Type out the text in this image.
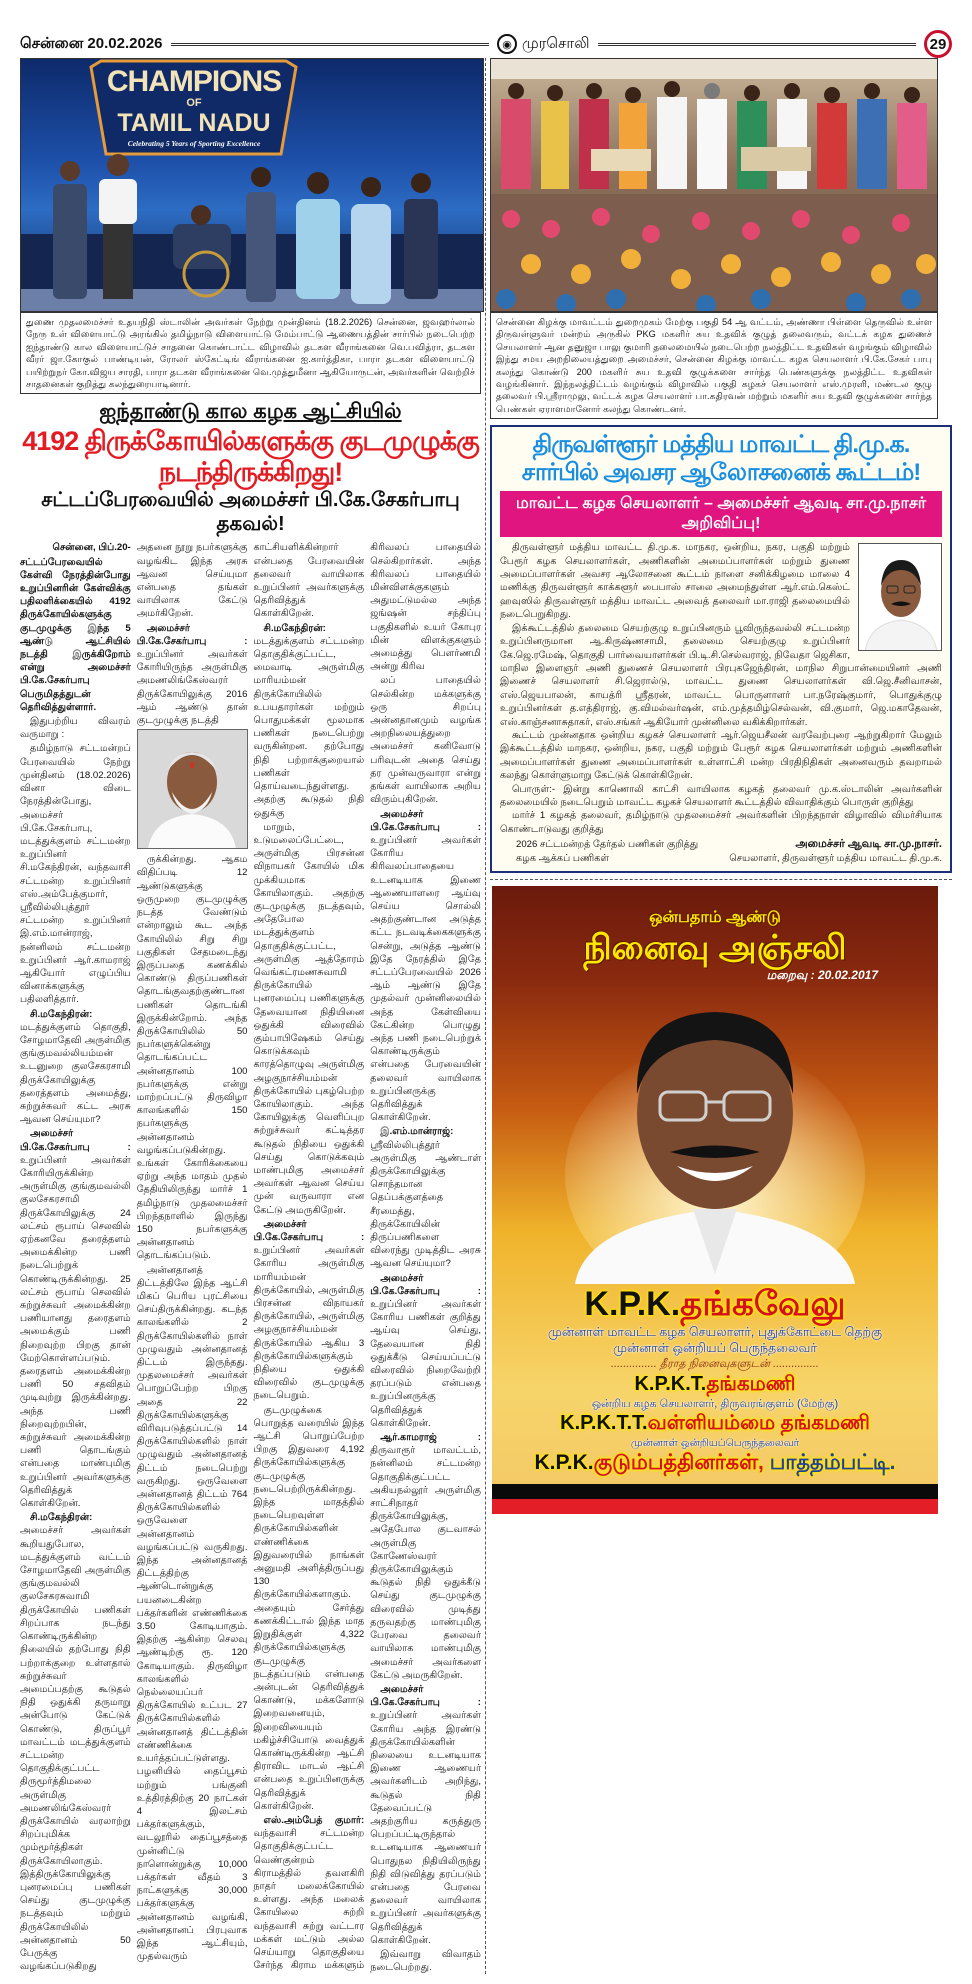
சென்னை 20.02.2026	◉ முரசொலி	29
CHAMPIONS
OF
TAMIL NADU
Celebrating 5 Years of Sporting Excellence
துணை முதலமைச்சர் உதயநிதி ஸ்டாலின் அவர்கள் நேற்று முன்தினம் (18.2.2026) சென்னை, ஜவஹர்லால் நேரு உள் விளையாட்டு அரங்கில் தமிழ்நாடு விளையாட்டு மேம்பாட்டு ஆணையத்தின் சார்பில் நடைபெற்ற ஐந்தாண்டு கால விளையாட்டுச் சாதனை கொண்டாட்ட விழாவில் தடகள வீராங்கனை வெ.பவித்ரா, தடகள வீரர் ஜா.கோகுல் பாண்டியன், ரோலர் ஸ்கேட்டிங் வீராங்கனை ஐ.கார்த்திகா, பாரா தடகள விளையாட்டு பயிற்றுநர் கோ.விஜய சாரதி, பாரா தடகள வீராங்கனை வெ.முத்துமீனா ஆகியோருடன், அவர்களின் வெற்றிச் சாதனைகள் குறித்து கலந்துரையாடினார்.
ஐந்தாண்டு கால கழக ஆட்சியில்
4192 திருக்கோயில்களுக்கு குடமுழுக்கு நடந்திருக்கிறது!
சட்டப்பேரவையில் அமைச்சர் பி.கே.சேகர்பாபு தகவல்!

சென்னை, பிப்.20-

சட்டப்பேரவையில் கேள்வி நேரத்தின்போது உறுப்பினரின் கேள்விக்கு பதிலளிக்கையில் 4192 திருக்கோயில்களுக்கு குடமுழுக்கு இந்த 5 ஆண்டு ஆட்சியில் நடத்தி இருக்கிறோம் என்று அமைச்சர் பி.கே.சேகர்பாபு பெருமிதத்துடன் தெரிவித்துள்ளார்.

இதுபற்றிய விவரம் வருமாறு :

தமிழ்நாடு சட்டமன்றப் பேரவையில் நேற்று முன்தினம் (18.02.2026) வினா விடை நேரத்தின்போது, அமைச்சர் பி.கே.சேகர்பாபு, மடத்துக்குளம் சட்டமன்ற உறுப்பினர் சி.மகேந்திரன், வந்தவாசி சட்டமன்ற உறுப்பினர் எஸ்.அம்பேத்குமார், ஸ்ரீவில்லிபுத்தூர் சட்டமன்ற உறுப்பினர் இ.எம்.மான்ராஜ், நன்னிலம் சட்டமன்ற உறுப்பினர் ஆர்.காமராஜ் ஆகியோர் எழுப்பிய வினாக்களுக்கு பதிலளித்தார்.

சி.மகேந்திரன்: மடத்துக்குளம் தொகுதி, சோழமாதேவி அருள்மிகு குங்குமவல்லியம்மன் உடனுறை குலசேகரசாமி திருக்கோயிலுக்கு தரைத்தளம் அமைத்து, சுற்றுச்சுவர் கட்ட அரசு ஆவன செய்யுமா?

அமைச்சர் பி.கே.சேகர்பாபு : உறுப்பினர் அவர்கள் கோரியிருக்கின்ற அருள்மிகு குங்குமவல்லி குலசேகரசாமி திருக்கோயிலுக்கு 24 லட்சம் ரூபாய் செலவில் ஏற்கனவே தரைத்தளம் அமைக்கின்ற பணி நடைபெற்றுக் கொண்டிருக்கின்றது. 25 லட்சம் ரூபாய் செலவில் சுற்றுச்சுவர் அமைக்கின்ற பணியானது தரைதளம் அமைக்கும் பணி நிறைவுற்ற பிறகு தான் மேற்கொள்ளப்படும். தரைதளம் அமைக்கின்ற பணி 50 சதவிதம் முடிவுற்று இருக்கின்றது. அந்த பணி நிறைவுற்றபின், சுற்றுச்சுவர் அமைக்கின்ற பணி தொடங்கும் என்பதை மாண்புமிகு உறுப்பினர் அவர்களுக்கு தெரிவித்துக் கொள்கிறேன்.

சி.மகேந்திரன்: அமைச்சர் அவர்கள் கூறியதுபோல, மடத்துக்குளம் வட்டம் சோழமாதேவி அருள்மிகு குங்குமவல்லி குலசேகரசுவாமி திருக்கோயில் பணிகள் சிறப்பாக நடந்து கொண்டிருக்கின்ற நிலையில் தற்போது நிதி பற்றாக்குறை உள்ளதால் சுற்றுச்சுவர் அமைப்பதற்கு கூடுதல் நிதி ஒதுக்கி தருமாறு அன்போடு கேட்டுக் கொண்டு, திருப்பூர் மாவட்டம் மடத்துக்குளம் சட்டமன்ற தொகுதிக்குட்பட்ட திருமூர்த்திமலை அருள்மிகு அமணலிங்கேஸ்வரர் திருக்கோயில் வரலாற்று சிறப்புமிக்க மும்மூர்த்திகள் திருக்கோயிலாகும். இத்திருக்கோயிலுக்கு புனரமைப்பு பணிகள் செய்து குடமுழுக்கு நடத்தவும் மற்றும் திருக்கோயிலில் அன்னதானம் 50 பேருக்கு வழங்கப்படுகிறது அதனை நூறு நபர்களுக்கு வழங்கிட இந்த அரசு ஆவன செய்யுமா என்பதை தங்கள் வாயிலாக கேட்டு அமர்கிறேன்.

அமைச்சர் பி.கே.சேகர்பாபு : உறுப்பினர் அவர்கள் கோரியிருந்த அருள்மிகு அமணலிங்கேஸ்வரர் திருக்கோயிலுக்கு 2016 ஆம் ஆண்டு தான் குடமுழுக்கு நடத்தி

ருக்கின்றது. ஆகம விதிப்படி 12 ஆண்டுகளுக்கு ஒருமுறை குடமுழுக்கு நடத்த வேண்டும் என்றாலும் கூட அந்த கோயிலில் சிறு சிறு பகுதிகள் சேதமடைந்து இருப்பதை கணக்கில் கொண்டு திருப்பணிகள் தொடங்குவதற்குண்டான பணிகள் தொடங்கி இருக்கின்றோம். அந்த திருக்கோயிலில் 50 நபர்களுக்கென்று தொடங்கப்பட்ட அன்னதானம் 100 நபர்களுக்கு என்று மாற்றப்பட்டு திருவிழா காலங்களில் 150 நபர்களுக்கு அன்னதானம் வழங்கப்படுகின்றது. உங்கள் கோரிக்கையை ஏற்று அந்த மாதம் முதல் தேதியிலிருந்து மார்ச் 1 தமிழ்நாடு முதலமைச்சர் பிறந்தநாளில் இருந்து 150 நபர்களுக்கு அன்னதானம் தொடங்கப்படும்.

அன்னதானத் திட்டத்திலே இந்த ஆட்சி மிகப் பெரிய புரட்சியை செய்திருக்கின்றது. கடந்த காலங்களில் 2 திருக்கோயில்களில் நாள் முழுவதும் அன்னதானத் திட்டம் இருந்தது. முதலமைச்சர் அவர்கள் பொறுப்பேற்ற பிறகு அதை 22 திருக்கோயில்களுக்கு விரிவுபடுத்தப்பட்டு 14 திருக்கோயில்களில் நாள் முழுவதும் அன்னதானத் திட்டம் நடைபெற்று வருகிறது. ஒருவேளை அன்னதானத் திட்டம் 764 திருக்கோயில்களில் ஒருவேளை அன்னதானம் வழங்கப்பட்டு வருகிறது. இந்த அன்னதானத் திட்டத்திற்கு ஆண்டொன்றுக்கு பயனடைகின்ற பக்தர்களின் எண்ணிக்கை 3.50 கோடியாகும். இதற்கு ஆகின்ற செலவு ஆண்டிற்கு ரூ. 120 கோடியாகும். திருவிழா காலங்களில் நெல்லையப்பர் திருக்கோயில் உட்பட 27 திருக்கோயில்களில் அன்னதானத் திட்டத்தின் எண்ணிக்கை உயர்த்தப்பட்டுள்ளது. பழனியில் தைப்பூசம் மற்றும் பங்குனி உத்திரத்திற்கு 20 நாட்கள் 4 இலட்சம் பக்தர்களுக்கும், வடலூரில் தைப்பூசத்தை முன்னிட்டு நாளொன்றுக்கு 10,000 பக்தர்கள் வீதம் 3 நாட்களுக்கு 30,000 பக்தர்களுக்கு அன்னதானம் வழங்கி, அன்னதானப் பிரபுவாக இந்த ஆட்சியும், முதல்வரும் காட்சியளிக்கின்றார் என்பதை பேரவையின் தலைவர் வாயிலாக உறுப்பினர் அவர்களுக்கு தெரிவித்துக் கொள்கிறேன்.

சி.மகேந்திரன்: மடத்துக்குளம் சட்டமன்ற தொகுதிக்குட்பட்ட, மைவாடி அருள்மிகு மாரியம்மன் திருக்கோயிலில் உபயதாரர்கள் மற்றும் பொதுமக்கள் மூலமாக பணிகள் நடைபெற்று வருகின்றன. தற்போது நிதி பற்றாக்குறையால் பணிகள் தொய்வடைந்துள்ளது. அதற்கு கூடுதல் நிதி ஒதுக்கு

மாறும், உடுமலைப்பேட்டை, அருள்மிகு பிரசன்ன விநாயகர் கோயில் மிக முக்கியமாக கோயிலாகும். அதற்கு குடமுழுக்கு நடத்தவும், அதேபோல மடத்துக்குளம் தொகுதிக்குட்பட்ட, அருள்மிகு ஆத்தோரம் வெங்கட்ரமணசுவாமி திருக்கோயில் புனரமைப்பு பணிகளுக்கு தேவையான நிதியினை ஒதுக்கி விரைவில் கும்பாபிஷேகம் செய்து கொடுக்கவும் காரத்தொழுவு அருள்மிகு அழகுநாச்சியம்மன் திருக்கோயில் புகழ்பெற்ற கோயிலாகும். அந்த கோயிலுக்கு வெளிப்புற சுற்றுச்சுவர் கட்டித்தர கூடுதல் நிதியை ஒதுக்கி செய்து கொடுக்கவும் மாண்புமிகு அமைச்சர் அவர்கள் ஆவன செய்ய முன் வருவாரா என கேட்டு அமருகிறேன்.

அமைச்சர் பி.கே.சேகர்பாபு : உறுப்பினர் அவர்கள் கோரிய அருள்மிகு மாரியம்மன் திருக்கோயில், அருள்மிகு பிரசன்ன விநாயகர் திருக்கோயில், அருள்மிகு அழகுநாச்சியம்மன் திருக்கோயில் ஆகிய 3 திருக்கோயில்களுக்கும் நிதியை ஒதுக்கி விரைவில் குடமுழுக்கு நடைபெறும்.

குடமுழுக்கை பொறுத்த வரையில் இந்த ஆட்சி பொறுப்பேற்ற பிறகு இதுவரை 4,192 திருக்கோயில்களுக்கு குடமுழுக்கு நடைபெற்றிருக்கின்றது. இந்த மாதத்தில் நடைபெறவுள்ள திருக்கோயில்களின் எண்ணிக்கை இதுவரையில் நாங்கள் அனுமதி அளித்திருப்பது 130 திருக்கோயில்களாகும். அதையும் சேர்த்து கணக்கிட்டால் இந்த மாத இறுதிக்குள் 4,322 திருக்கோயில்களுக்கு குடமுழுக்கு நடத்தப்படும் என்பதை அன்புடன் தெரிவித்துக் கொண்டு, மக்களோடு இறைவனையும், இறைவியையும் மகிழ்ச்சியோடு வைத்துக் கொண்டிருக்கின்ற ஆட்சி திராவிட மாடல் ஆட்சி என்பதை உறுப்பினருக்கு தெரிவித்துக் கொள்கிறேன்.

எஸ்.அம்பேத் குமார்: வந்தவாசி சட்டமன்ற தொகுதிக்குட்பட்ட வெண்குன்றம் கிராமத்தில் தவளகிரி நாதர் மலைக்கோயில் உள்ளது. அந்த மலைக் கோயிலை சுற்றி வந்தவாசி சுற்று வட்டார மக்கள் மட்டும் அல்ல செய்யாறு தொகுதியை சேர்ந்த கிராம மக்களும் கிரிவலப் பாதையில் செல்கிறார்கள். அந்த கிரிவலப் பாதையில் மின்விளக்குகளும் அதுமட்டுமல்ல அந்த ஜங்ஷன் சந்திப்பு பகுதிகளில் உயர் கோபுர மின் விளக்குகளும் அமைத்து பௌர்ணமி அன்று கிரிவ

லப் பாதையில் செல்கின்ற மக்களுக்கு ஒரு சிறப்பு அன்னதானமும் வழங்க அறநிலையத்துறை அமைச்சர் கனிவோடு பரிவுடன் அதை செய்து தர முன்வருவாரா என்று தங்கள் வாயிலாக அறிய விரும்புகிறேன்.

அமைச்சர் பி.கே.சேகர்பாபு : உறுப்பினர் அவர்கள் கோரிய கிரிவலப்பாதையை உடனடியாக இணை ஆணையாளரை ஆய்வு செய்ய சொல்லி அதற்குண்டான அடுத்த கட்ட நடவடிக்கைகளுக்கு சென்று, அடுத்த ஆண்டு இதே நேரத்தில் இதே சட்டப்பேரவையில் 2026 ஆம் ஆண்டு இதே முதல்வர் முன்னிலையில் அந்த கேள்வியை கேட்கின்ற பொழுது அந்த பணி நடைபெற்றுக் கொண்டிருக்கும் என்பதை பேரவையின் தலைவர் வாயிலாக உறுப்பினருக்கு தெரிவித்துக் கொள்கிறேன்.

இ.எம்.மான்ராஜ்: ஸ்ரீவில்லிபுத்தூர் அருள்மிகு ஆண்டாள் திருக்கோயிலுக்கு சொந்தமான தெப்பக்குளத்தை சீரமைத்து, திருக்கோயிலின் திருப்பணிகளை விரைந்து முடித்திட அரசு ஆவன செய்யுமா?

அமைச்சர் பி.கே.சேகர்பாபு : உறுப்பினர் அவர்கள் கோரிய பணிகள் குறித்து ஆய்வு செய்து, தேவையான நிதி ஒதுக்கீடு செய்யப்பட்டு விரைவில் நிறைவேற்றி தரப்படும் என்பதை உறுப்பினருக்கு தெரிவித்துக் கொள்கிறேன்.

ஆர்.காமராஜ் : திருவாரூர் மாவட்டம், நன்னிலம் சட்டமன்ற தொகுதிக்குட்பட்ட அகியநல்லூர் அருள்மிகு சாட்சிநாதர் திருக்கோயிலுக்கு, அதேபோல குடவாசல் அருள்மிகு கோணேஸ்வரர் திருக்கோயிலுக்கும் கூடுதல் நிதி ஒதுக்கீடு செய்து குடமுழுக்கு விரைவில் முடித்து தருவதற்கு மாண்புமிகு பேரவை தலைவர் வாயிலாக மாண்புமிகு அமைச்சர் அவர்களை கேட்டு அமருகிறேன்.

அமைச்சர் பி.கே.சேகர்பாபு : உறுப்பினர் அவர்கள் கோரிய அந்த இரண்டு திருக்கோயில்களின் நிலையை உடனடியாக இணை ஆணையர் அவர்களிடம் அறிந்து, கூடுதல் நிதி தேவைப்பட்டு அதற்குரிய கருத்துரு பெறப்பட்டிருந்தால் உடனடியாக ஆணையர் பொதுநல நிதியிலிருந்து நிதி விடுவித்து தரப்படும் என்பதை பேரவை தலைவர் வாயிலாக உறுப்பினர் அவர்களுக்கு தெரிவித்துக் கொள்கிறேன்.

இவ்வாறு விவாதம் நடைபெற்றது.

சென்னை கிழக்கு மாவட்டம் துறைமுகம் மேற்கு பகுதி 54 ஆ வட்டம், அண்ணா பிள்ளை தெருவில் உள்ள திருவள்ளுவர் மன்றம் அருகில் PKG மகளிர் சுய உதவிக் குழுத் தலைவரும், வட்டக் கழக துணைச் செயலாளர் ஆன தனுஜா பாலு குமாரி தலைமையில் நடைபெற்ற நலத்திட்ட உதவிகள் வழங்கும் விழாவில் இந்து சமய அறநிலையத்துறை அமைச்சர், சென்னை கிழக்கு மாவட்ட கழக செயலாளர் பி.கே.சேகர் பாபு கலந்து கொண்டு 200 மகளிர் சுய உதவி குழுக்களை சார்ந்த பெண்களுக்கு நலத்திட்ட உதவிகள் வழங்கினார். இந்நலத்திட்டம் வழங்கும் விழாவில் பகுதி கழகச் செயலாளர் எஸ்.முரளி, மண்டல குழு தலைவர் பி.ஸ்ரீராமுலு, வட்டக் கழக செயலாளர் பா.கதிரவன் மற்றும் மகளிர் சுய உதவி குழுக்களை சார்ந்த பெண்கள் ஏராளமானோர் கலந்து கொண்டனர்.
திருவள்ளூர் மத்திய மாவட்ட தி.மு.க. சார்பில் அவசர ஆலோசனைக் கூட்டம்!
மாவட்ட கழக செயலாளர் – அமைச்சர் ஆவடி சா.மு.நாசர் அறிவிப்பு!

திருவள்ளூர் மத்திய மாவட்ட தி.மு.க. மாநகர, ஒன்றிய, நகர, பகுதி மற்றும் பேரூர் கழக செயலாளர்கள், அணிகளின் அமைப்பாளர்கள் மற்றும் துணை அமைப்பாளர்கள் அவசர ஆலோசனை கூட்டம் நாளை சனிக்கிழமை மாலை 4 மணிக்கு திருவள்ளூர் காக்களூர் பைபாஸ் சாலை அமைந்துள்ள ஆர்.எம்.கெஸ்ட் ஹவுஸில் திருவள்ளூர் மத்திய மாவட்ட அவைத் தலைவர் மா.ராஜி தலைமையில் நடைபெறுகிறது.

இக்கூட்டத்தில் தலைமை செயற்குழு உறுப்பினரும் பூவிருந்தவல்லி சட்டமன்ற உறுப்பினருமான ஆ.கிருஷ்ணசாமி, தலைமை செயற்குழு உறுப்பினர் கே.ஜெ.ரமேஷ், தொகுதி பார்வையாளர்கள் பி.டி.சி.செல்வராஜ், நிவேதா ஜெசிகா, மாநில இளைஞர் அணி துணைச் செயலாளர் பிரபுகஜேந்திரன், மாநில சிறுபான்மையினர் அணி இணைச் செயலாளர் சி.ஜெரால்டு, மாவட்ட துணை செயலாளர்கள் வி.ஜெ.சீனிவாசன், எஸ்.ஜெயபாலன், காயத்ரி ஸ்ரீதரன், மாவட்ட பொருளாளர் பா.நரேஷ்குமார், பொதுக்குழு உறுப்பினர்கள் த.எத்திராஜ், கு.விமல்வர்ஷன், எம்.முத்தமிழ்செல்வன், வி.குமார், ஜெ.மகாதேவன், எஸ்.காஞ்சனாசுதாகர், எஸ்.சங்கர் ஆகியோர் முன்னிலை வகிக்கிறார்கள்.

கூட்டம் முன்னதாக ஒன்றிய கழகச் செயலாளர் ஆர்.ஜெயசீலன் வரவேற்புரை ஆற்றுகிறார் மேலும் இக்கூட்டத்தில் மாநகர, ஒன்றிய, நகர, பகுதி மற்றும் பேரூர் கழக செயலாளர்கள் மற்றும் அணிகளின் அமைப்பாளர்கள் துணை அமைப்பாளர்கள் உள்ளாட்சி மன்ற பிரதிநிதிகள் அனைவரும் தவறாமல் கலந்து கொள்ளுமாறு கேட்டுக் கொள்கிறேன்.

பொருள்:- இன்று காணொலி காட்சி வாயிலாக கழகத் தலைவர் மு.க.ஸ்டாலின் அவர்களின் தலைமையில் நடைபெறும் மாவட்ட கழகச் செயலாளர் கூட்டத்தில் விவாதிக்கும் பொருள் குறித்து

மார்ச் 1 கழகத் தலைவர், தமிழ்நாடு முதலமைச்சர் அவர்களின் பிறந்தநாள் விழாவில் விமர்சியாக கொண்டாடுவது குறித்து

2026 சட்டமன்றத் தேர்தல் பணிகள் குறித்து
கழக ஆக்கப் பணிகள்
அமைச்சர் ஆவடி சா.மு.நாசர்.
செயலாளர், திருவள்ளூர் மத்திய மாவட்ட தி.மு.க.
ஒன்பதாம் ஆண்டு
நினைவு அஞ்சலி
மறைவு : 20.02.2017
K.P.K.தங்கவேலு
முன்னாள் மாவட்ட கழக செயலாளர், புதுக்கோட்டை தெற்கு
முன்னாள் ஒன்றியப் பெருந்தலைவர்
............... தீராத நினைவுகளுடன் ...............
K.P.K.T.தங்கமணி
ஒன்றிய கழக செயலாளர், திருவரங்குளம் (மேற்கு)
K.P.K.T.T.வள்ளியம்மை தங்கமணி
முன்னாள் ஒன்றியப்பெருந்தலைவர்
K.P.K.குடும்பத்தினர்கள், பாத்தம்பட்டி.
